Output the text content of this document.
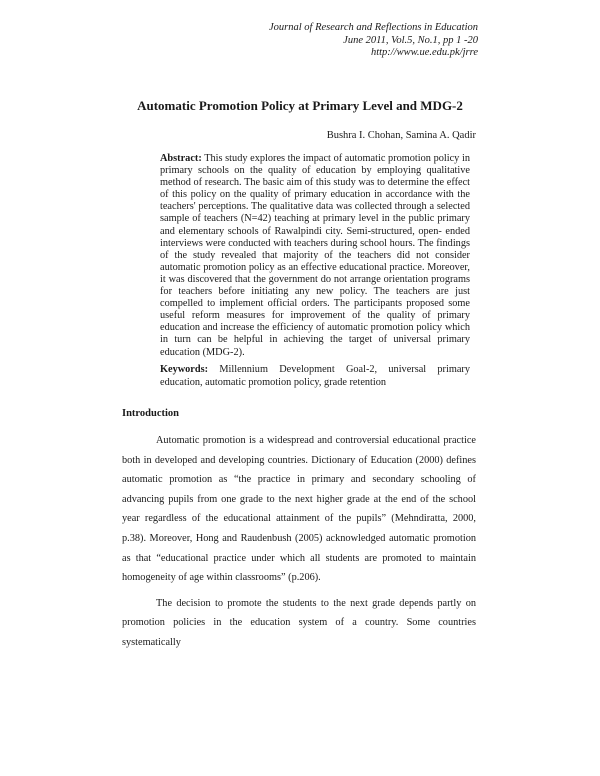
Journal of Research and Reflections in Education
June 2011, Vol.5, No.1, pp 1 -20
http://www.ue.edu.pk/jrre
Automatic Promotion Policy at Primary Level and MDG-2
Bushra I. Chohan, Samina A. Qadir
Abstract: This study explores the impact of automatic promotion policy in primary schools on the quality of education by employing qualitative method of research. The basic aim of this study was to determine the effect of this policy on the quality of primary education in accordance with the teachers' perceptions. The qualitative data was collected through a selected sample of teachers (N=42) teaching at primary level in the public primary and elementary schools of Rawalpindi city. Semi-structured, open- ended interviews were conducted with teachers during school hours. The findings of the study revealed that majority of the teachers did not consider automatic promotion policy as an effective educational practice. Moreover, it was discovered that the government do not arrange orientation programs for teachers before initiating any new policy. The teachers are just compelled to implement official orders. The participants proposed some useful reform measures for improvement of the quality of primary education and increase the efficiency of automatic promotion policy which in turn can be helpful in achieving the target of universal primary education (MDG-2).
Keywords: Millennium Development Goal-2, universal primary education, automatic promotion policy, grade retention
Introduction

Automatic promotion is a widespread and controversial educational practice both in developed and developing countries. Dictionary of Education (2000) defines automatic promotion as “the practice in primary and secondary schooling of advancing pupils from one grade to the next higher grade at the end of the school year regardless of the educational attainment of the pupils” (Mehndiratta, 2000, p.38). Moreover, Hong and Raudenbush (2005) acknowledged automatic promotion as that “educational practice under which all students are promoted to maintain homogeneity of age within classrooms” (p.206).

The decision to promote the students to the next grade depends partly on promotion policies in the education system of a country. Some countries systematically
